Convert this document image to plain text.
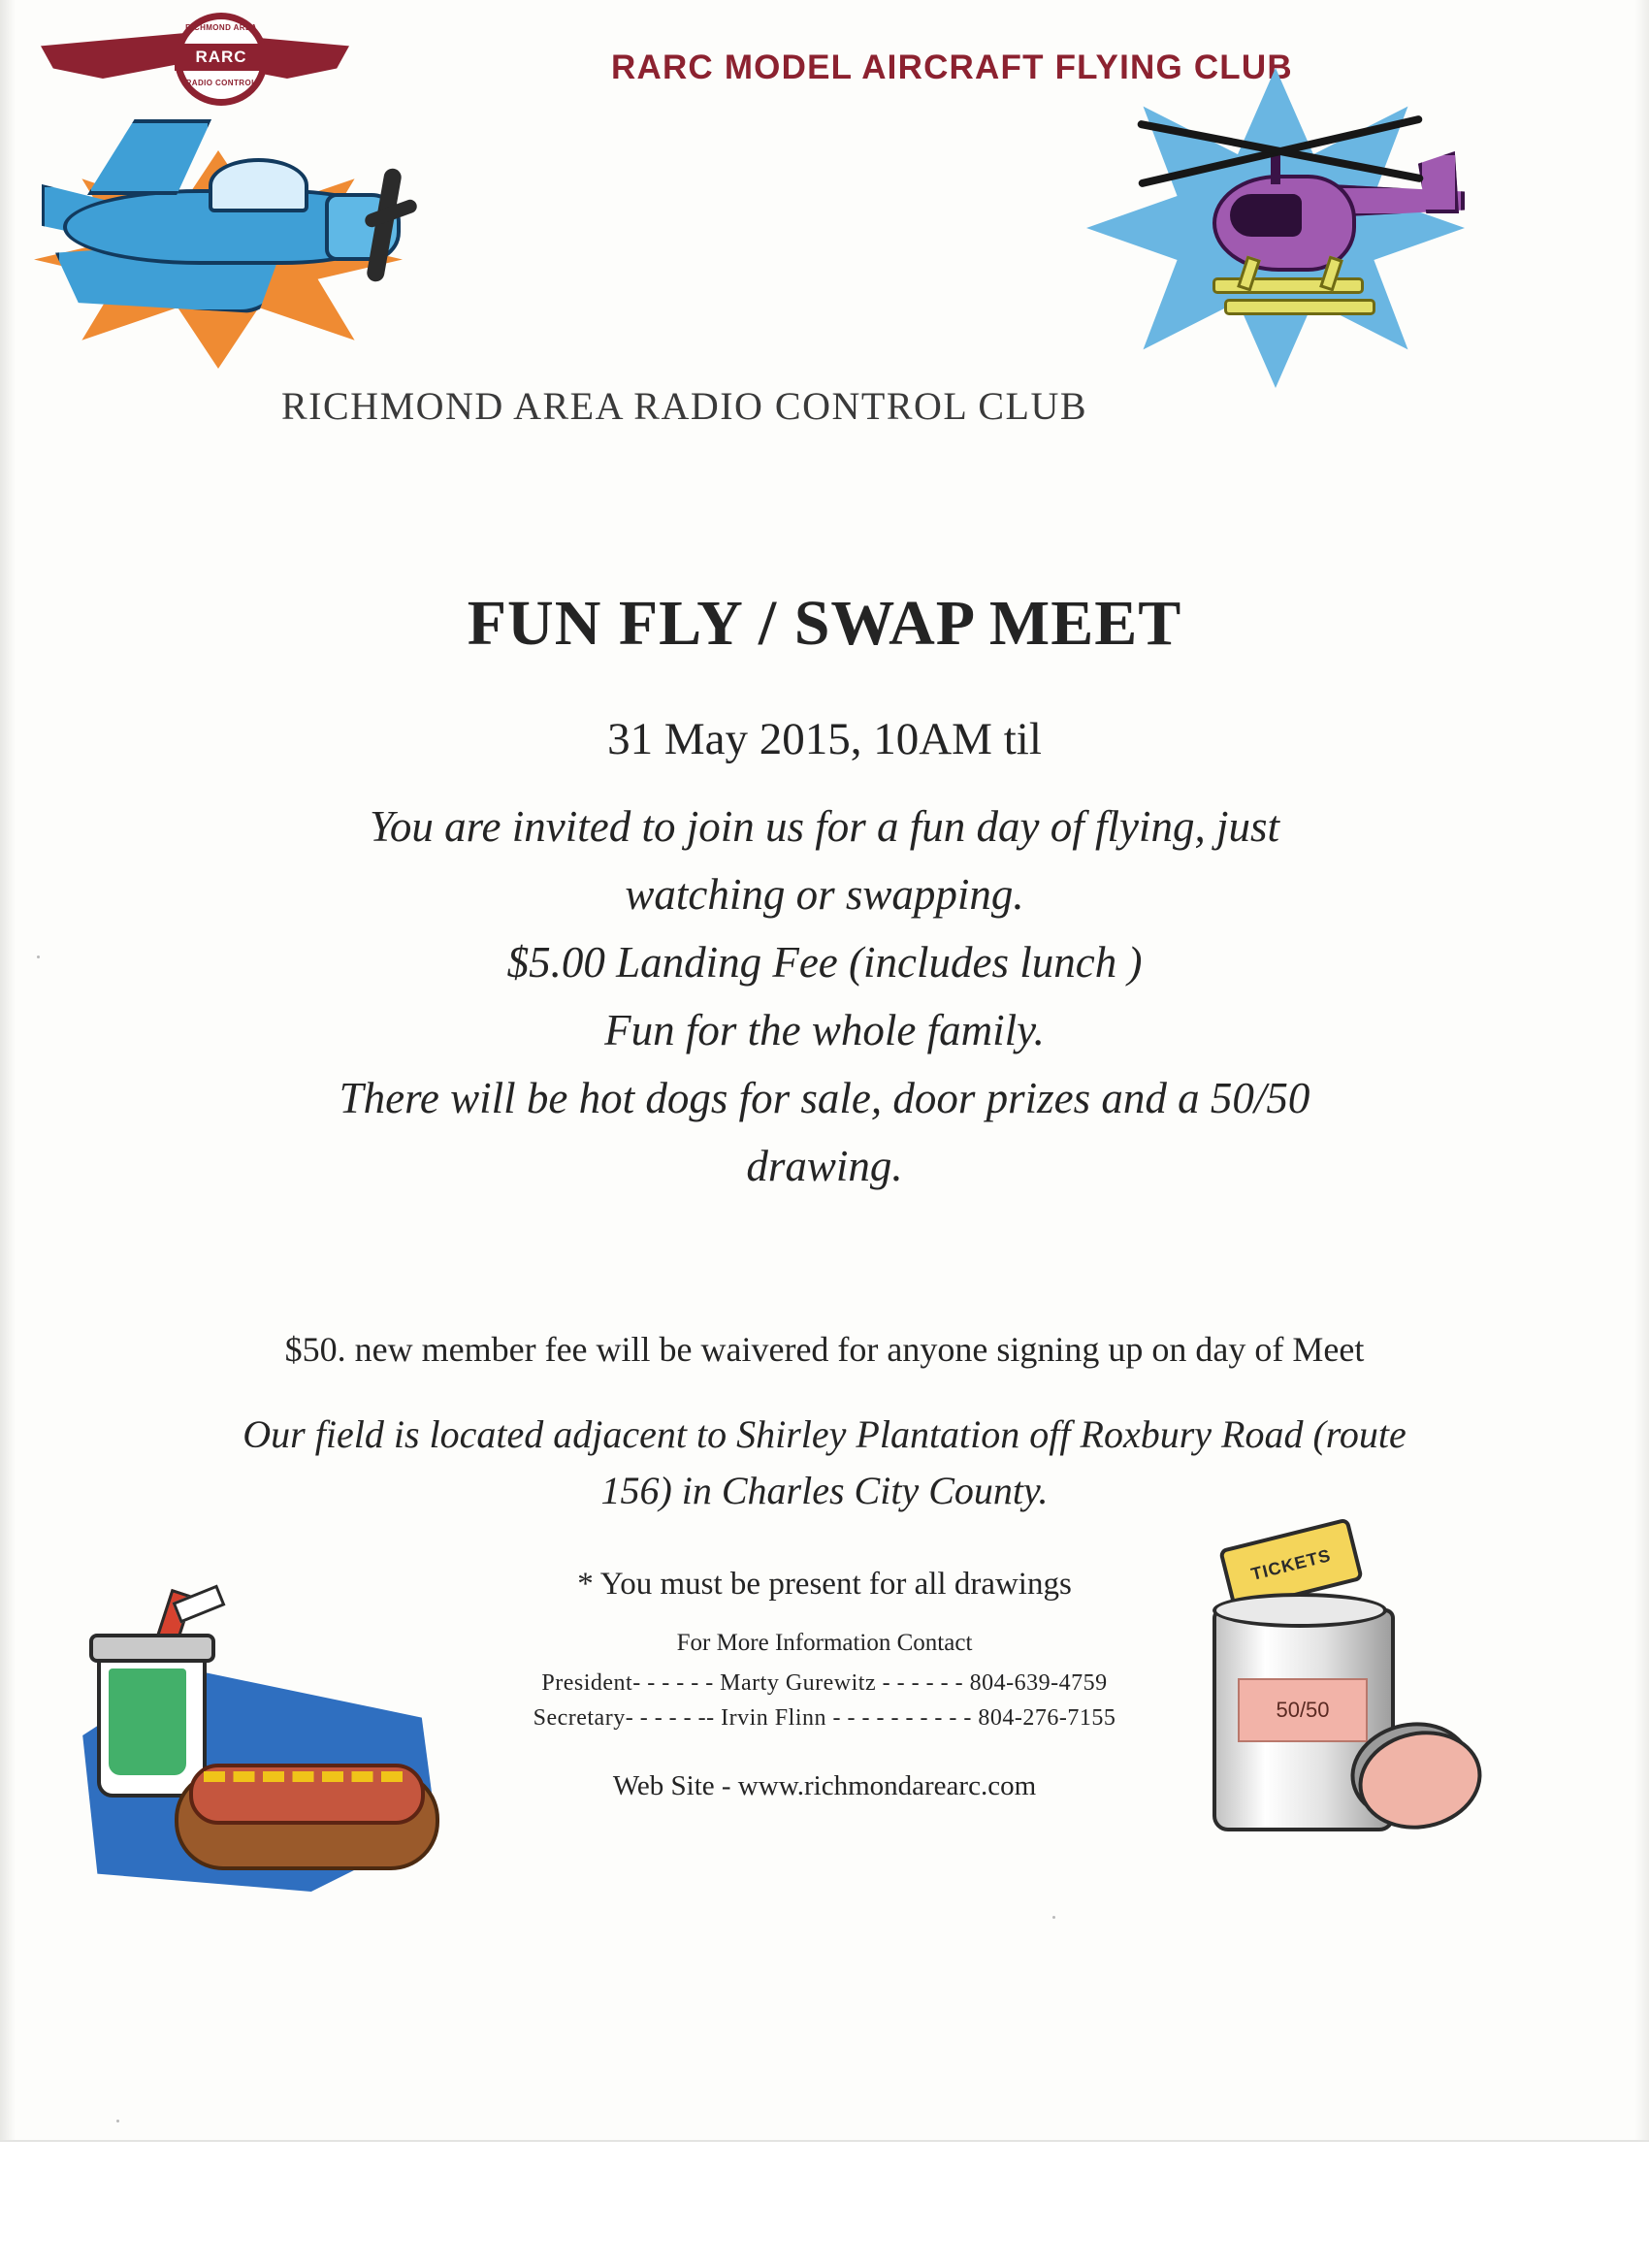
RICHMOND AREA
RARC
RADIO CONTROL	RARC MODEL AIRCRAFT FLYING CLUB
RICHMOND AREA RADIO CONTROL CLUB
FUN FLY / SWAP MEET
31 May 2015, 10AM til

You are invited to join us for a fun day of flying, just

watching or swapping.

$5.00 Landing Fee (includes lunch )

Fun for the whole family.

There will be hot dogs for sale, door prizes and a 50/50

drawing.

$50. new member fee will be waivered for anyone signing up on day of Meet

Our field is located adjacent to Shirley Plantation off Roxbury Road (route

156) in Charles City County.

* You must be present for all drawings
For More Information Contact
President- - - - - - Marty Gurewitz - - - - - - 804-639-4759
Secretary- - - - - -- Irvin Flinn - - - - - - - - - - 804-276-7155
Web Site - www.richmondarearc.com
TICKETS
50/50
